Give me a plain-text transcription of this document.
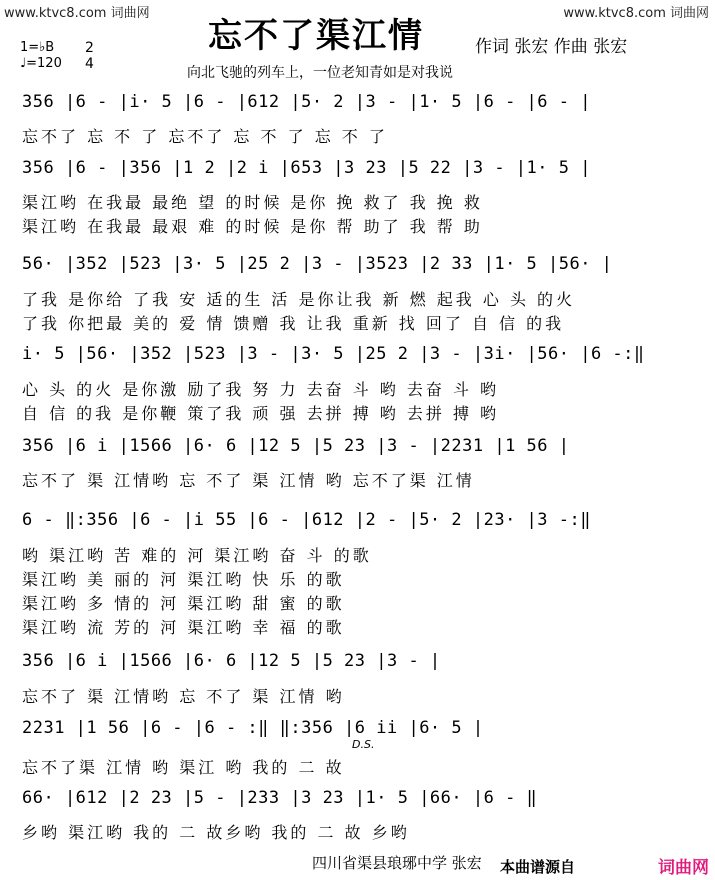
www.ktvc8.com 词曲网	www.ktvc8.com 词曲网
忘不了渠江情	作词 张宏 作曲 张宏
向北飞驰的列车上，一位老知青如是对我说
1=♭B
♩=120
2
4
356 |6 - |i· 5 |6 - |612 |5· 2 |3 - |1· 5 |6 - |6 - |
忘不了 忘 不 了 忘不了 忘 不 了 忘 不 了
356 |6 - |356 |1 2 |2 i |653 |3 23 |5 22 |3 - |1· 5 |
渠江哟 在我最 最绝 望 的时候 是你 挽 救了 我 挽 救
渠江哟 在我最 最艰 难 的时候 是你 帮 助了 我 帮 助
56· |352 |523 |3· 5 |25 2 |3 - |3523 |2 33 |1· 5 |56· |
了我 是你给 了我 安 适的生 活 是你让我 新 燃 起我 心 头 的火
了我 你把最 美的 爱 情 馈赠 我 让我 重新 找 回了 自 信 的我
i· 5 |56· |352 |523 |3 - |3· 5 |25 2 |3 - |3i· |56· |6 -:‖
心 头 的火 是你激 励了我 努 力 去奋 斗 哟 去奋 斗 哟
自 信 的我 是你鞭 策了我 顽 强 去拼 搏 哟 去拼 搏 哟
356 |6 i |1566 |6· 6 |12 5 |5 23 |3 - |2231 |1 56 |
忘不了 渠 江情哟 忘 不了 渠 江情 哟 忘不了渠 江情
6 - ‖:356 |6 - |i 55 |6 - |612 |2 - |5· 2 |23· |3 -:‖
哟 渠江哟 苦 难的 河 渠江哟 奋 斗 的歌
渠江哟 美 丽的 河 渠江哟 快 乐 的歌
渠江哟 多 情的 河 渠江哟 甜 蜜 的歌
渠江哟 流 芳的 河 渠江哟 幸 福 的歌
356 |6 i |1566 |6· 6 |12 5 |5 23 |3 - |
忘不了 渠 江情哟 忘 不了 渠 江情 哟
2231 |1 56 |6 - |6 - :‖ ‖:356 |6 ii |6· 5 |
D.S.
忘不了渠 江情 哟 渠江 哟 我的 二 故
66· |612 |2 23 |5 - |233 |3 23 |1· 5 |66· |6 - ‖
乡哟 渠江哟 我的 二 故乡哟 我的 二 故 乡哟
四川省渠县琅琊中学 张宏 本曲谱源自	词曲网
